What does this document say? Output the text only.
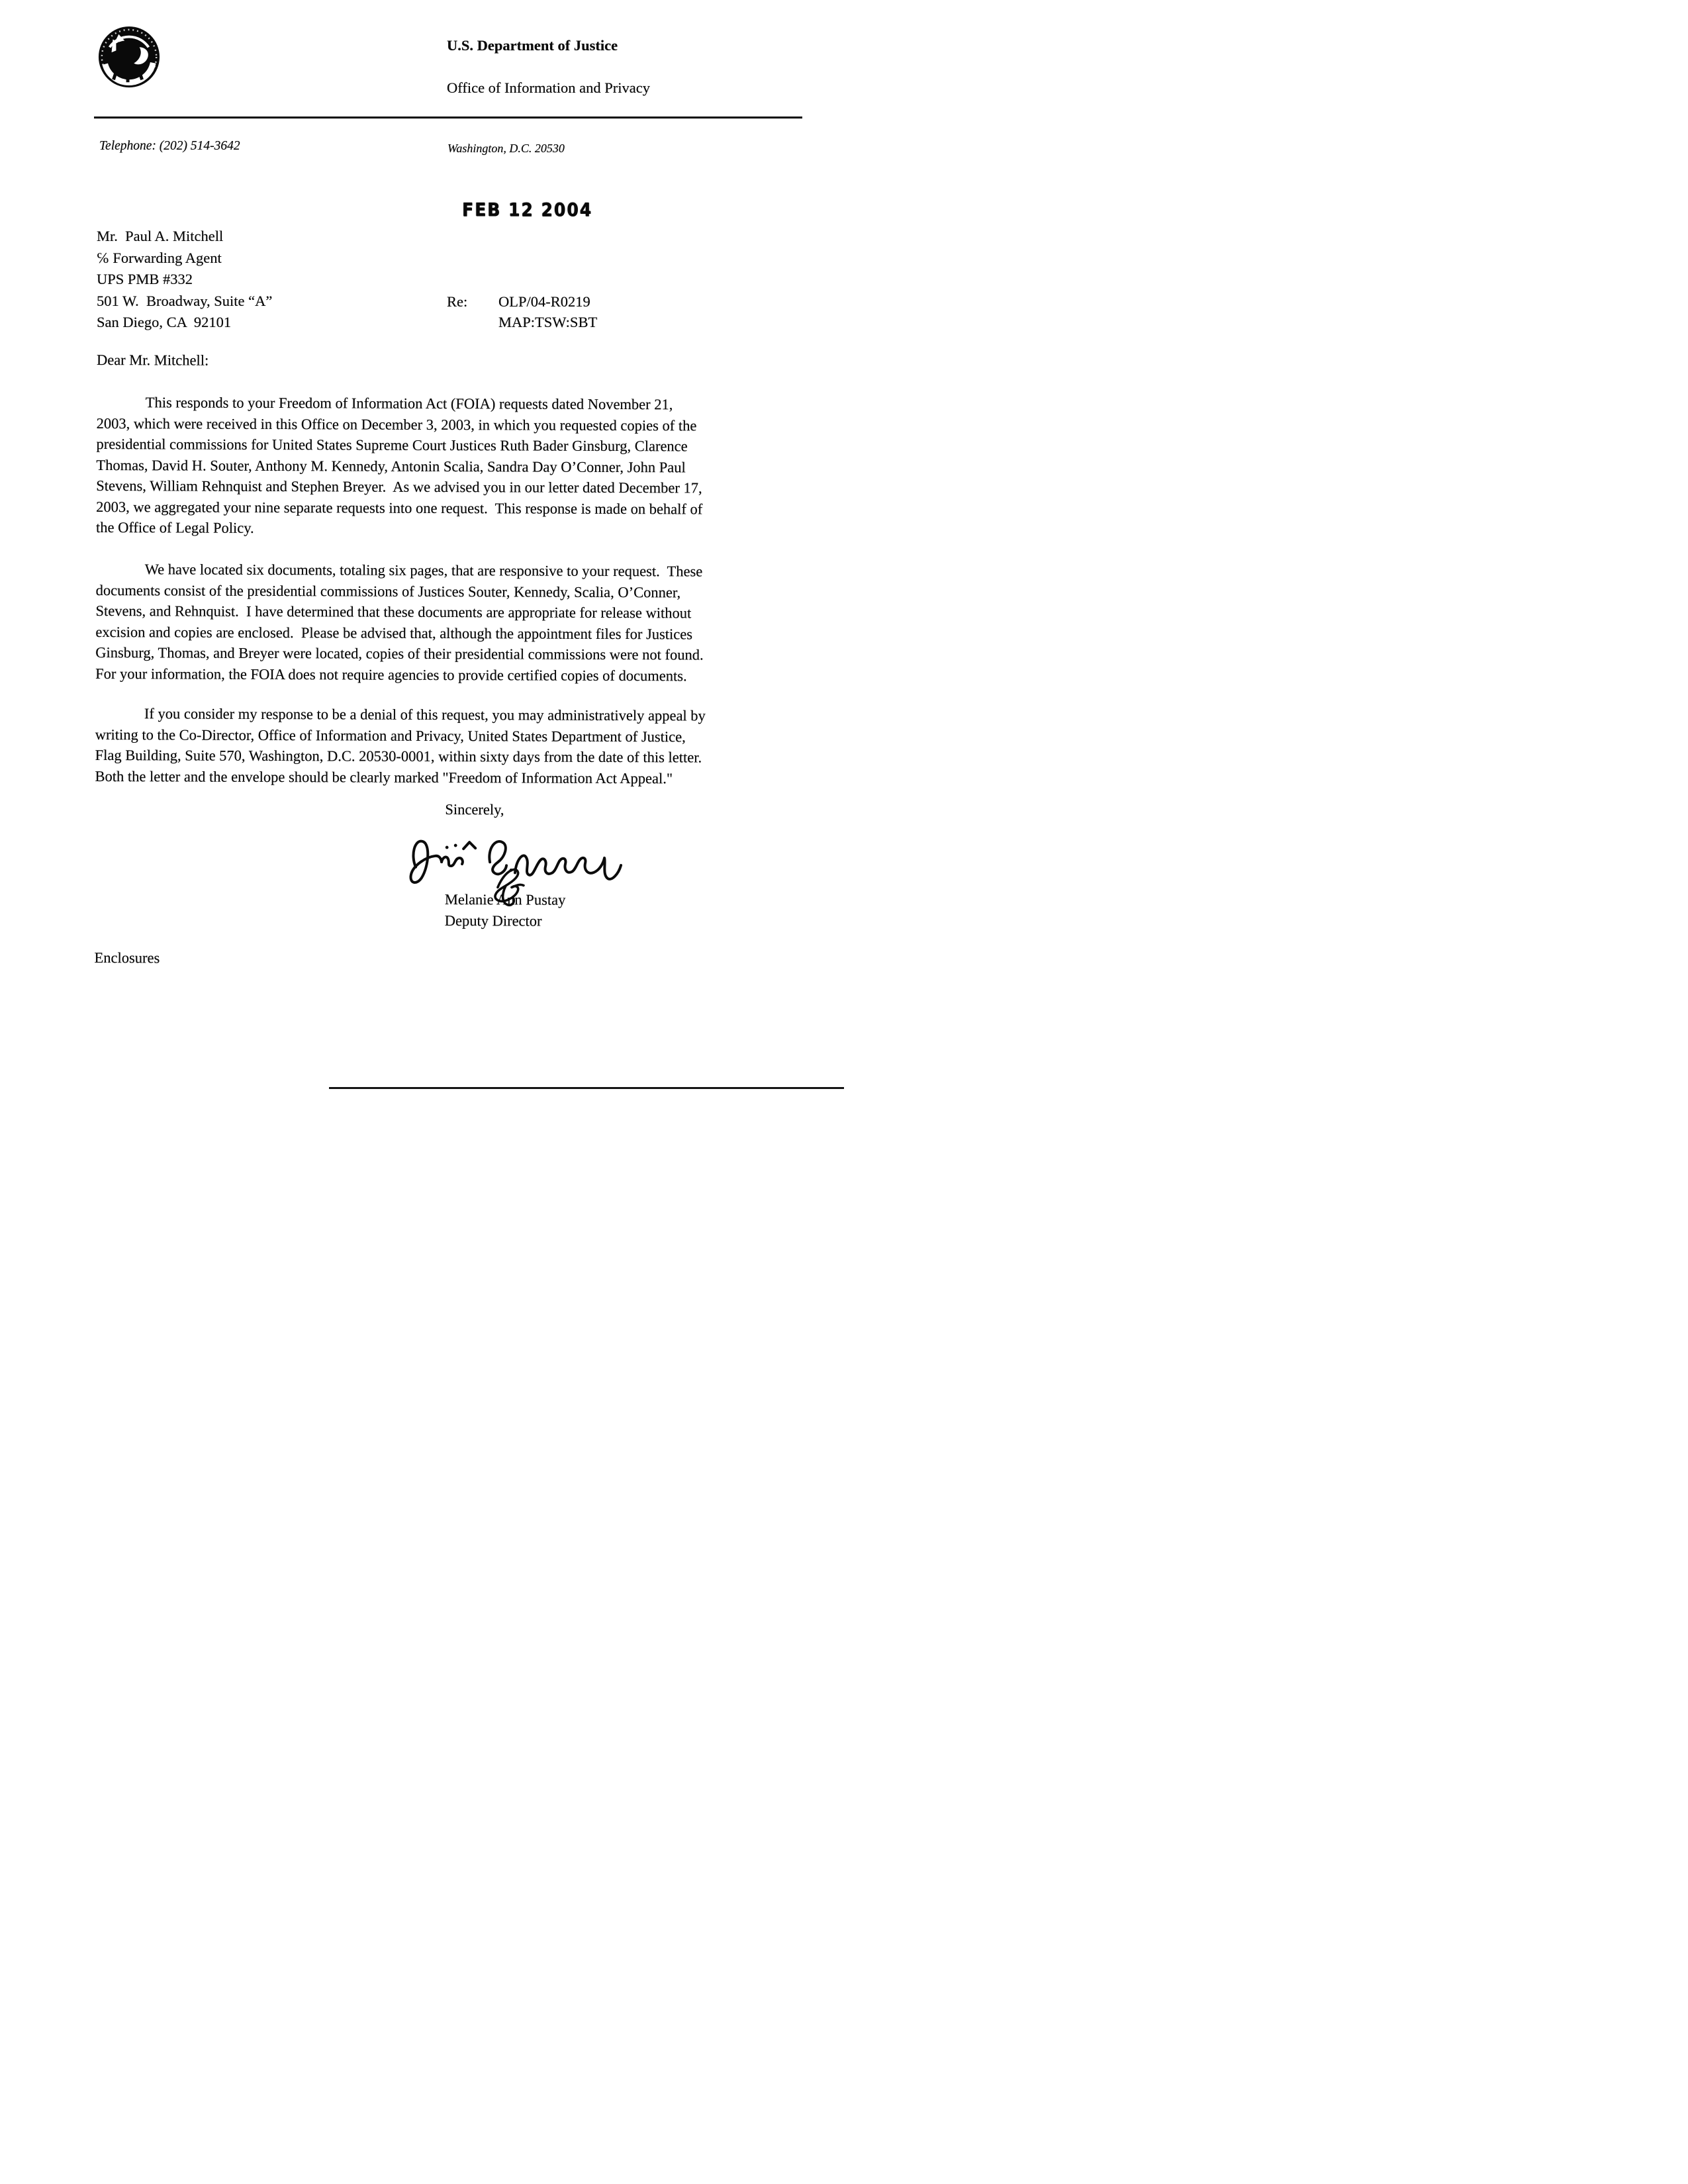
U.S. Department of Justice
Office of Information and Privacy
Telephone: (202) 514-3642	Washington, D.C. 20530
FEB 12 2004
Mr.  Paul A. Mitchell
℅ Forwarding Agent
UPS PMB #332
501 W.  Broadway, Suite “A”
San Diego, CA  92101
Re:	OLP/04-R0219
MAP:TSW:SBT
Dear Mr. Mitchell:
This responds to your Freedom of Information Act (FOIA) requests dated November 21,
2003, which were received in this Office on December 3, 2003, in which you requested copies of the
presidential commissions for United States Supreme Court Justices Ruth Bader Ginsburg, Clarence
Thomas, David H. Souter, Anthony M. Kennedy, Antonin Scalia, Sandra Day O’Conner, John Paul
Stevens, William Rehnquist and Stephen Breyer.  As we advised you in our letter dated December 17,
2003, we aggregated your nine separate requests into one request.  This response is made on behalf of
the Office of Legal Policy.
We have located six documents, totaling six pages, that are responsive to your request.  These
documents consist of the presidential commissions of Justices Souter, Kennedy, Scalia, O’Conner,
Stevens, and Rehnquist.  I have determined that these documents are appropriate for release without
excision and copies are enclosed.  Please be advised that, although the appointment files for Justices
Ginsburg, Thomas, and Breyer were located, copies of their presidential commissions were not found.
For your information, the FOIA does not require agencies to provide certified copies of documents.
If you consider my response to be a denial of this request, you may administratively appeal by
writing to the Co-Director, Office of Information and Privacy, United States Department of Justice,
Flag Building, Suite 570, Washington, D.C. 20530-0001, within sixty days from the date of this letter.
Both the letter and the envelope should be clearly marked "Freedom of Information Act Appeal."
Sincerely,
Melanie Ann Pustay
Deputy Director
Enclosures
